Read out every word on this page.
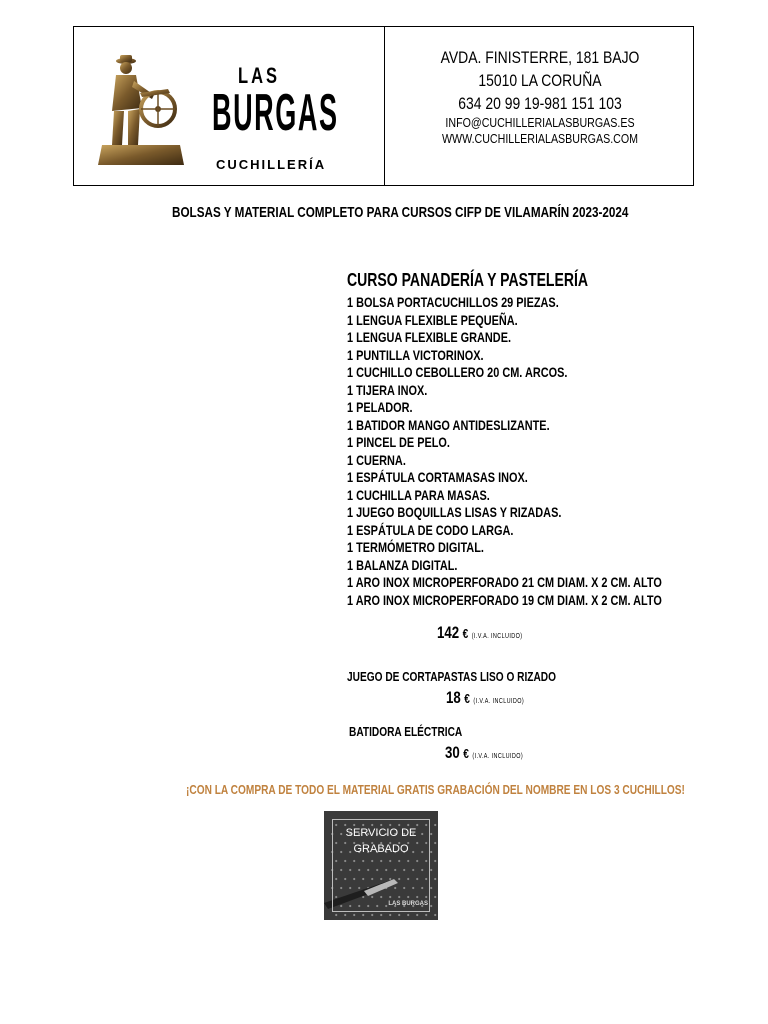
LAS
BURGAS
CUCHILLERÍA
AVDA. FINISTERRE, 181 BAJO
15010 LA CORUÑA
634 20 99 19-981 151 103
INFO@CUCHILLERIALASBURGAS.ES
WWW.CUCHILLERIALASBURGAS.COM
BOLSAS Y MATERIAL COMPLETO PARA CURSOS CIFP DE VILAMARÍN 2023-2024
CURSO PANADERÍA Y PASTELERÍA
1 BOLSA PORTACUCHILLOS 29 PIEZAS.
1 LENGUA FLEXIBLE PEQUEÑA.
1 LENGUA FLEXIBLE GRANDE.
1 PUNTILLA VICTORINOX.
1 CUCHILLO CEBOLLERO 20 CM. ARCOS.
1 TIJERA INOX.
1 PELADOR.
1 BATIDOR MANGO ANTIDESLIZANTE.
1 PINCEL DE PELO.
1 CUERNA.
1 ESPÁTULA CORTAMASAS INOX.
1 CUCHILLA PARA MASAS.
1 JUEGO BOQUILLAS LISAS Y RIZADAS.
1 ESPÁTULA DE CODO LARGA.
1 TERMÓMETRO DIGITAL.
1 BALANZA DIGITAL.
1 ARO INOX MICROPERFORADO 21 CM DIAM. X 2 CM. ALTO
1 ARO INOX MICROPERFORADO 19 CM DIAM. X 2 CM. ALTO
142 € (I.V.A. INCLUIDO)
JUEGO DE CORTAPASTAS LISO O RIZADO
18 € (I.V.A. INCLUIDO)
BATIDORA ELÉCTRICA
30 € (I.V.A. INCLUIDO)
¡CON LA COMPRA DE TODO EL MATERIAL GRATIS GRABACIÓN DEL NOMBRE EN LOS 3 CUCHILLOS!
SERVICIO DE
GRABADO
LAS BURGAS
